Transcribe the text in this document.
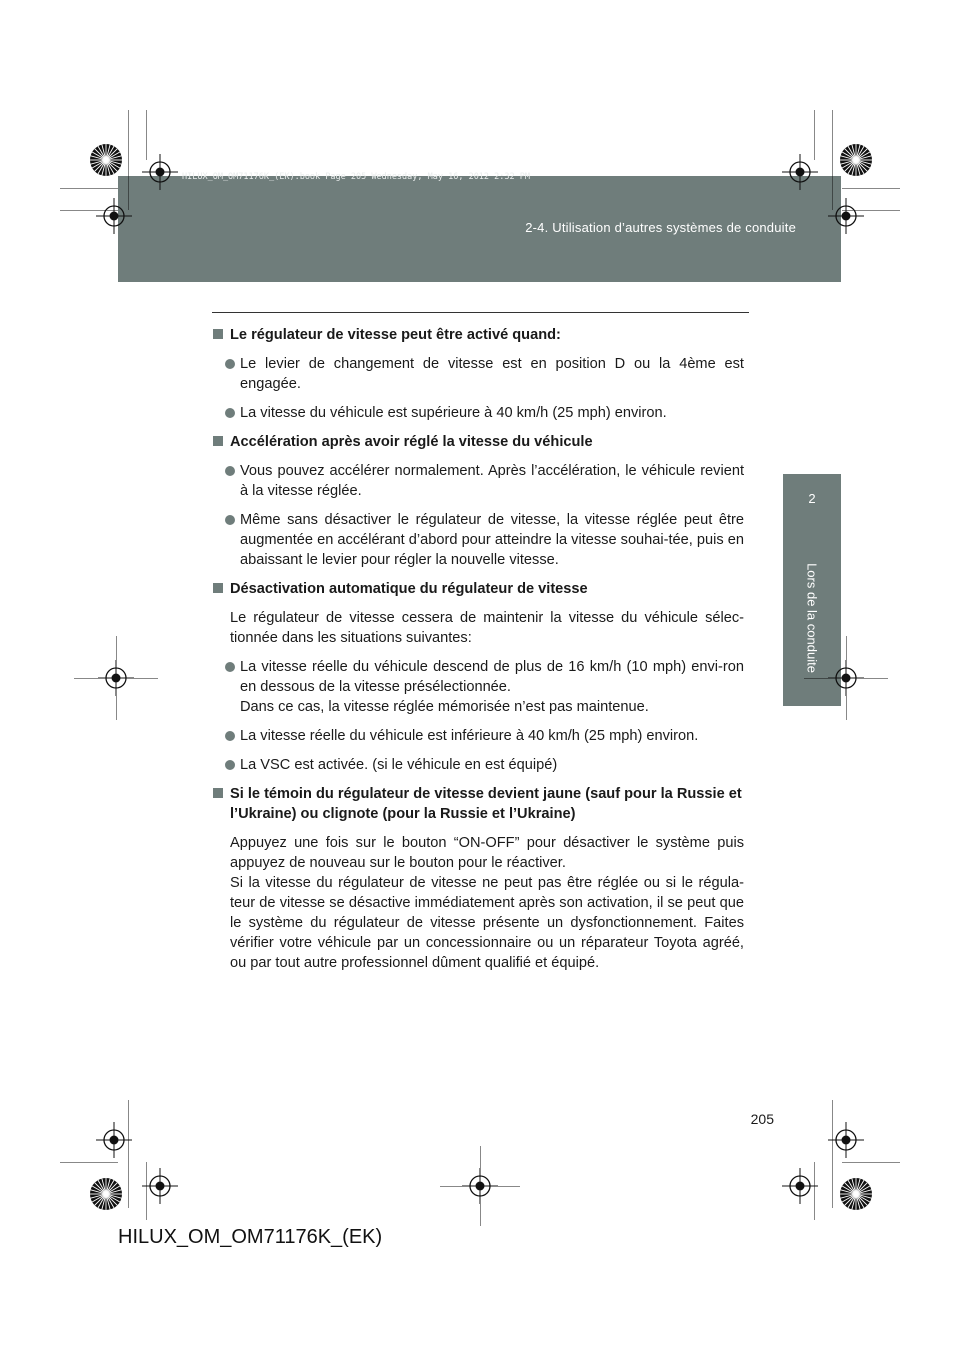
HILUX_OM_OM71176K_(EK).book Page 205 Wednesday, May 16, 2012 2:32 PM
2-4. Utilisation d’autres systèmes de conduite
2
Lors de la conduite
Le régulateur de vitesse peut être activé quand:
Le levier de changement de vitesse est en position D ou la 4ème est engagée.
La vitesse du véhicule est supérieure à 40 km/h (25 mph) environ.
Accélération après avoir réglé la vitesse du véhicule
Vous pouvez accélérer normalement. Après l’accélération, le véhicule revient à la vitesse réglée.
Même sans désactiver le régulateur de vitesse, la vitesse réglée peut être augmentée en accélérant d’abord pour atteindre la vitesse souhai-tée, puis en abaissant le levier pour régler la nouvelle vitesse.
Désactivation automatique du régulateur de vitesse

Le régulateur de vitesse cessera de maintenir la vitesse du véhicule sélec-tionnée dans les situations suivantes:

La vitesse réelle du véhicule descend de plus de 16 km/h (10 mph) envi-ron en dessous de la vitesse présélectionnée.
Dans ce cas, la vitesse réglée mémorisée n’est pas maintenue.
La vitesse réelle du véhicule est inférieure à 40 km/h (25 mph) environ.
La VSC est activée. (si le véhicule en est équipé)
Si le témoin du régulateur de vitesse devient jaune (sauf pour la Russie et l’Ukraine) ou clignote (pour la Russie et l’Ukraine)

Appuyez une fois sur le bouton “ON-OFF” pour désactiver le système puis appuyez de nouveau sur le bouton pour le réactiver.

Si la vitesse du régulateur de vitesse ne peut pas être réglée ou si le régula-teur de vitesse se désactive immédiatement après son activation, il se peut que le système du régulateur de vitesse présente un dysfonctionnement. Faites vérifier votre véhicule par un concessionnaire ou un réparateur Toyota agréé, ou par tout autre professionnel dûment qualifié et équipé.

205
HILUX_OM_OM71176K_(EK)
